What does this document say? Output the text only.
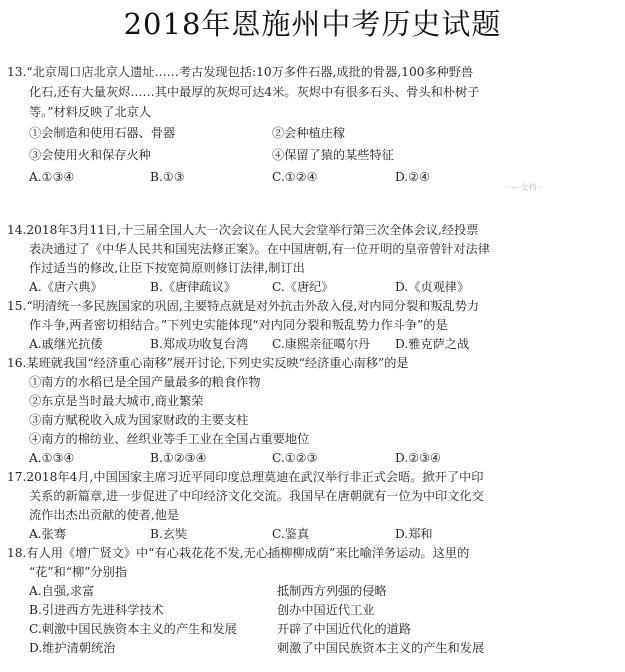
2018年恩施州中考历史试题
13.“北京周口店北京人遗址……考古发现包括:10万多件石器,成批的骨器,100多种野兽
化石,还有大量灰烬……其中最厚的灰烬可达4米。灰烬中有很多石头、骨头和朴树子
等。”材料反映了北京人
①会制造和使用石器、骨器	②会种植庄稼
③会使用火和保存火种	④保留了猿的某些特征
A.①③④	B.①③	C.①②④	D.②④
··— 文档··
14.2018年3月11日,十三届全国人大一次会议在人民大会堂举行第三次全体会议,经投票
表决通过了《中华人民共和国宪法修正案》。在中国唐朝,有一位开明的皇帝曾针对法律
作过适当的修改,让臣下按宽简原则修订法律,制订出
A.《唐六典》	B.《唐律疏议》	C.《唐纪》	D.《贞观律》
15.“明清统一多民族国家的巩固,主要特点就是对外抗击外敌入侵,对内同分裂和叛乱势力
作斗争,两者密切相结合。”下列史实能体现“对内同分裂和叛乱势力作斗争”的是
A.戚继光抗倭	B.郑成功收复台湾 C.康熙亲征噶尔丹 D.雅克萨之战
16.某班就我国“经济重心南移”展开讨论,下列史实反映“经济重心南移”的是
①南方的水稻已是全国产量最多的粮食作物
②东京是当时最大城市,商业繁荣
③南方赋税收入成为国家财政的主要支柱
④南方的棉纺业、丝织业等手工业在全国占重要地位
A.①③④	B.①②③④	C.①②③	D.②③④
17.2018年4月,中国国家主席习近平同印度总理莫迪在武汉举行非正式会晤。掀开了中印
关系的新篇章,进一步促进了中印经济文化交流。我国早在唐朝就有一位为中印文化交
流作出杰出贡献的使者,他是
A.张骞	B.玄奘	C.鉴真	D.郑和
18.有人用《增广贤文》中“有心栽花花不发,无心插柳柳成荫”来比喻洋务运动。这里的
“花”和“柳”分别指
A.自强,求富	抵制西方列强的侵略
B.引进西方先进科学技术	创办中国近代工业
C.刺激中国民族资本主义的产生和发展	开辟了中国近代化的道路
D.维护清朝统治	刺激了中国民族资本主义的产生和发展
